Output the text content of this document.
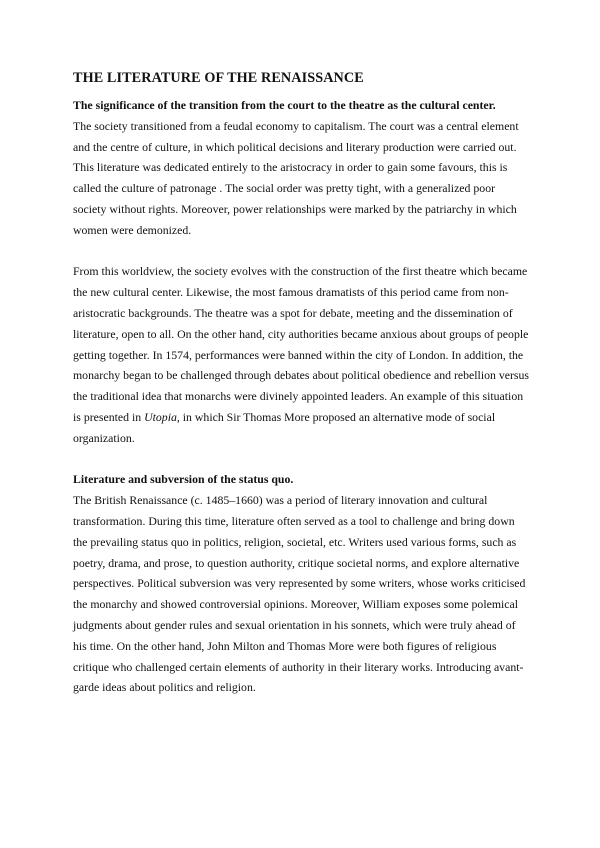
THE LITERATURE OF THE RENAISSANCE
The significance of the transition from the court to the theatre as the cultural center.

The society transitioned from a feudal economy to capitalism. The court was a central element and the centre of culture, in which political decisions and literary production were carried out. This literature was dedicated entirely to the aristocracy in order to gain some favours, this is called the culture of patronage . The social order was pretty tight, with a generalized poor society without rights. Moreover, power relationships were marked by the patriarchy in which women were demonized.

From this worldview, the society evolves with the construction of the first theatre which became the new cultural center. Likewise, the most famous dramatists of this period came from non-aristocratic backgrounds. The theatre was a spot for debate, meeting and the dissemination of literature, open to all. On the other hand, city authorities became anxious about groups of people getting together. In 1574, performances were banned within the city of London. In addition, the monarchy began to be challenged through debates about political obedience and rebellion versus the traditional idea that monarchs were divinely appointed leaders. An example of this situation is presented in Utopia, in which Sir Thomas More proposed an alternative mode of social organization.

Literature and subversion of the status quo.

The British Renaissance (c. 1485–1660) was a period of literary innovation and cultural transformation. During this time, literature often served as a tool to challenge and bring down the prevailing status quo in politics, religion, societal, etc. Writers used various forms, such as poetry, drama, and prose, to question authority, critique societal norms, and explore alternative perspectives. Political subversion was very represented by some writers, whose works criticised the monarchy and showed controversial opinions. Moreover, William exposes some polemical judgments about gender rules and sexual orientation in his sonnets, which were truly ahead of his time. On the other hand, John Milton and Thomas More were both figures of religious critique who challenged certain elements of authority in their literary works. Introducing avant-garde ideas about politics and religion.
